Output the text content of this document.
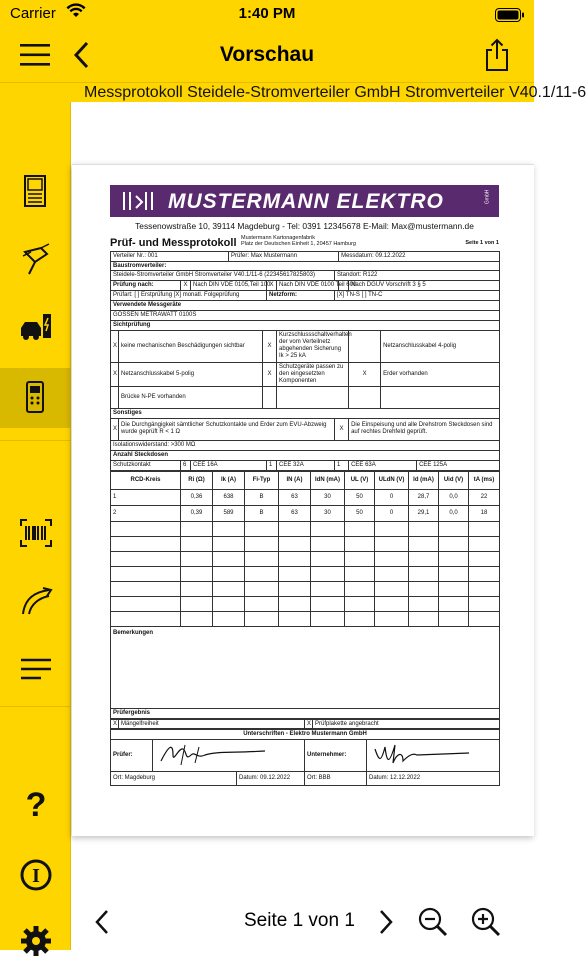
Carrier	1:40 PM
Vorschau
Messprotokoll Steidele-Stromverteiler GmbH Stromverteiler V40.1/11-6
?
I
MUSTERMANN ELEKTRO	GmbH
Tessenowstraße 10, 39114 Magdeburg - Tel: 0391 12345678 E-Mail: Max@mustermann.de
Prüf- und Messprotokoll Mustermann Kartonagenfabrik
Platz der Deutschen Einheit 1, 20457 Hamburg	Seite 1 von 1
Verteiler Nr.: 001				Prüfer: Max Mustermann					Messdatum: 09.12.2022			
Baustromverteiler:												
Steidele-Stromverteiler GmbH Stromverteiler V40.1/11-6 (22345617825803)								Standort: R122				
Prüfung nach:		X	Nach DIN VDE 0105,Teil 100			X	Nach DIN VDE 0100 Teil 600			Nach DGUV Vorschrift 3 § 5		
Prüfart: [ ] Erstprüfung [X] monatl. Folgeprüfung						Netzform:		[X] TN-S [ ] TN-C				
Verwendete Messgeräte												
GOSSEN METRAWATT 0100S												
Sichtprüfung												
X	keine mechanischen Beschädigungen sichtbar				X		Kurzschlussschaltverhalten der vom Verteilnetz abgehenden Sicherung Ik > 25 kA				Netzanschlusskabel 4-polig	
X	Netzanschlusskabel 5-polig				X		Schutzgeräte passen zu den eingesetzten Komponenten			X	Erder vorhanden	
	Brücke N-PE vorhanden											
Sonstiges												
X	Die Durchgängigkeit sämtlicher Schutzkontakte und Erder zum EVU-Abzweig wurde geprüft R < 1 Ω							X		Die Einspeisung und alle Drehstrom Steckdosen sind auf rechtes Drehfeld geprüft.		
Isolationswiderstand: >300 MΩ												
Anzahl Steckdosen												
Schutzkontakt		6	CEE 16A			1	CEE 32A	1		CEE 63A		CEE 125A
RCD-Kreis	Ri (Ω)	Ik (A)	Fi-Typ	IN (A)	IdN (mA)	UL (V)	ULdN (V)	Id (mA)	Uid (V)	tA (ms)
1	0,36	638	B	63	30	50	0	28,7	0,0	22
2	0,39	589	B	63	30	50	0	29,1	0,0	18

Bemerkungen										
Prüfergebnis										
X	Mängelfreiheit	X	Prüfplakette angebracht
Unterschriften - Elektro Mustermann GmbH				
Prüfer:			Unternehmer:	
Ort: Magdeburg		Datum: 09.12.2022	Ort: BBB	Datum: 12.12.2022
Seite 1 von 1
